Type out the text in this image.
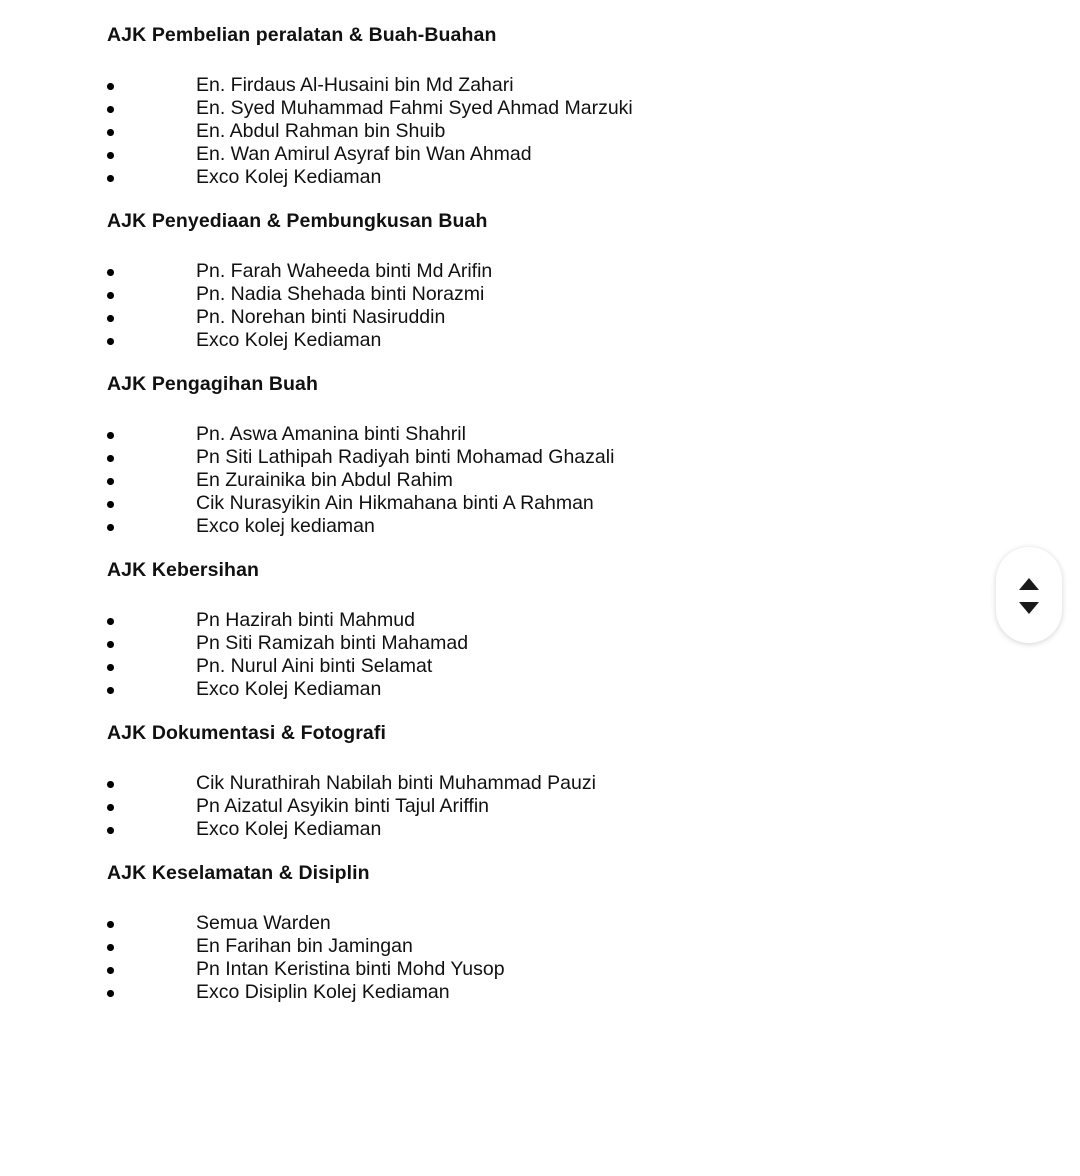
AJK Pembelian peralatan & Buah-Buahan
En. Firdaus Al-Husaini bin Md Zahari
En. Syed Muhammad Fahmi Syed Ahmad Marzuki
En. Abdul Rahman bin Shuib
En. Wan Amirul Asyraf bin Wan Ahmad
Exco Kolej Kediaman
AJK Penyediaan & Pembungkusan Buah
Pn. Farah Waheeda binti Md Arifin
Pn. Nadia Shehada binti Norazmi
Pn. Norehan binti Nasiruddin
Exco Kolej Kediaman
AJK Pengagihan Buah
Pn. Aswa Amanina binti Shahril
Pn Siti Lathipah Radiyah binti Mohamad Ghazali
En Zurainika bin Abdul Rahim
Cik Nurasyikin Ain Hikmahana binti A Rahman
Exco kolej kediaman
AJK Kebersihan
Pn Hazirah binti Mahmud
Pn Siti Ramizah binti Mahamad
Pn. Nurul Aini binti Selamat
Exco Kolej Kediaman
AJK Dokumentasi & Fotografi
Cik Nurathirah Nabilah binti Muhammad Pauzi
Pn Aizatul Asyikin binti Tajul Ariffin
Exco Kolej Kediaman
AJK Keselamatan & Disiplin
Semua Warden
En Farihan bin Jamingan
Pn Intan Keristina binti Mohd Yusop
Exco Disiplin Kolej Kediaman
